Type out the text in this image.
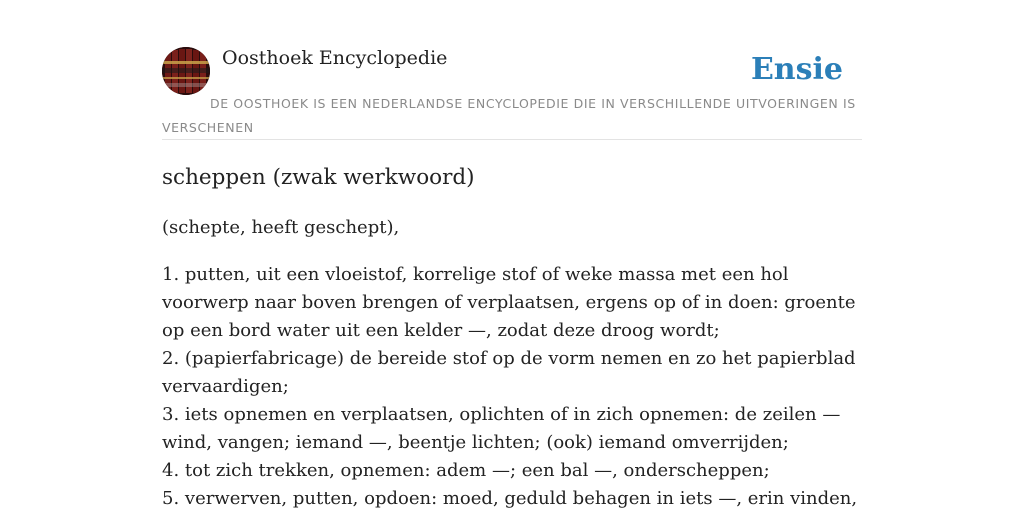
Oosthoek Encyclopedie	Ensie
DE OOSTHOEK IS EEN NEDERLANDSE ENCYCLOPEDIE DIE IN VERSCHILLENDE UITVOERINGEN IS VERSCHENEN
scheppen (zwak werkwoord)

(schepte, heeft geschept),

1. putten, uit een vloeistof, korrelige stof of weke massa met een hol voorwerp naar boven brengen of verplaatsen, ergens op of in doen: groente op een bord water uit een kelder —, zodat deze droog wordt;
2. (papierfabricage) de bereide stof op de vorm nemen en zo het papierblad vervaardigen;
3. iets opnemen en verplaatsen, oplichten of in zich opnemen: de zeilen — wind, vangen; iemand —, beentje lichten; (ook) iemand omverrijden;
4. tot zich trekken, opnemen: adem —; een bal —, onderscheppen;
5. verwerven, putten, opdoen: moed, geduld behagen in iets —, erin vinden,
